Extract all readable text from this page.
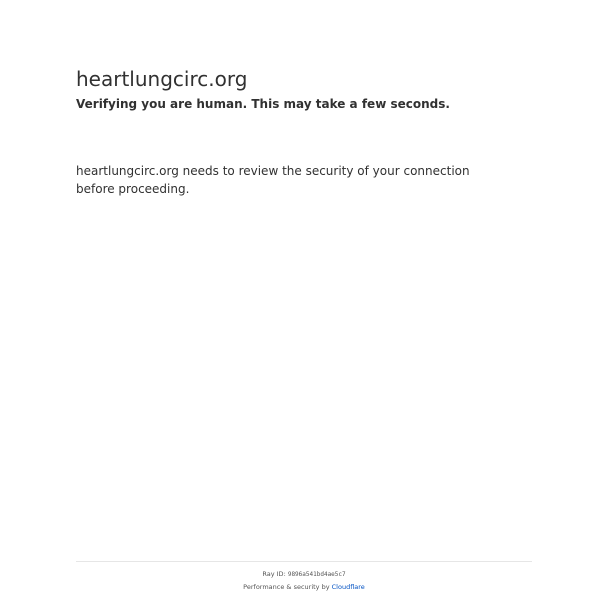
heartlungcirc.org
Verifying you are human. This may take a few seconds.

heartlungcirc.org needs to review the security of your connection before proceeding.

Ray ID: 9896a541bd4ae5c7
Performance & security by Cloudflare
